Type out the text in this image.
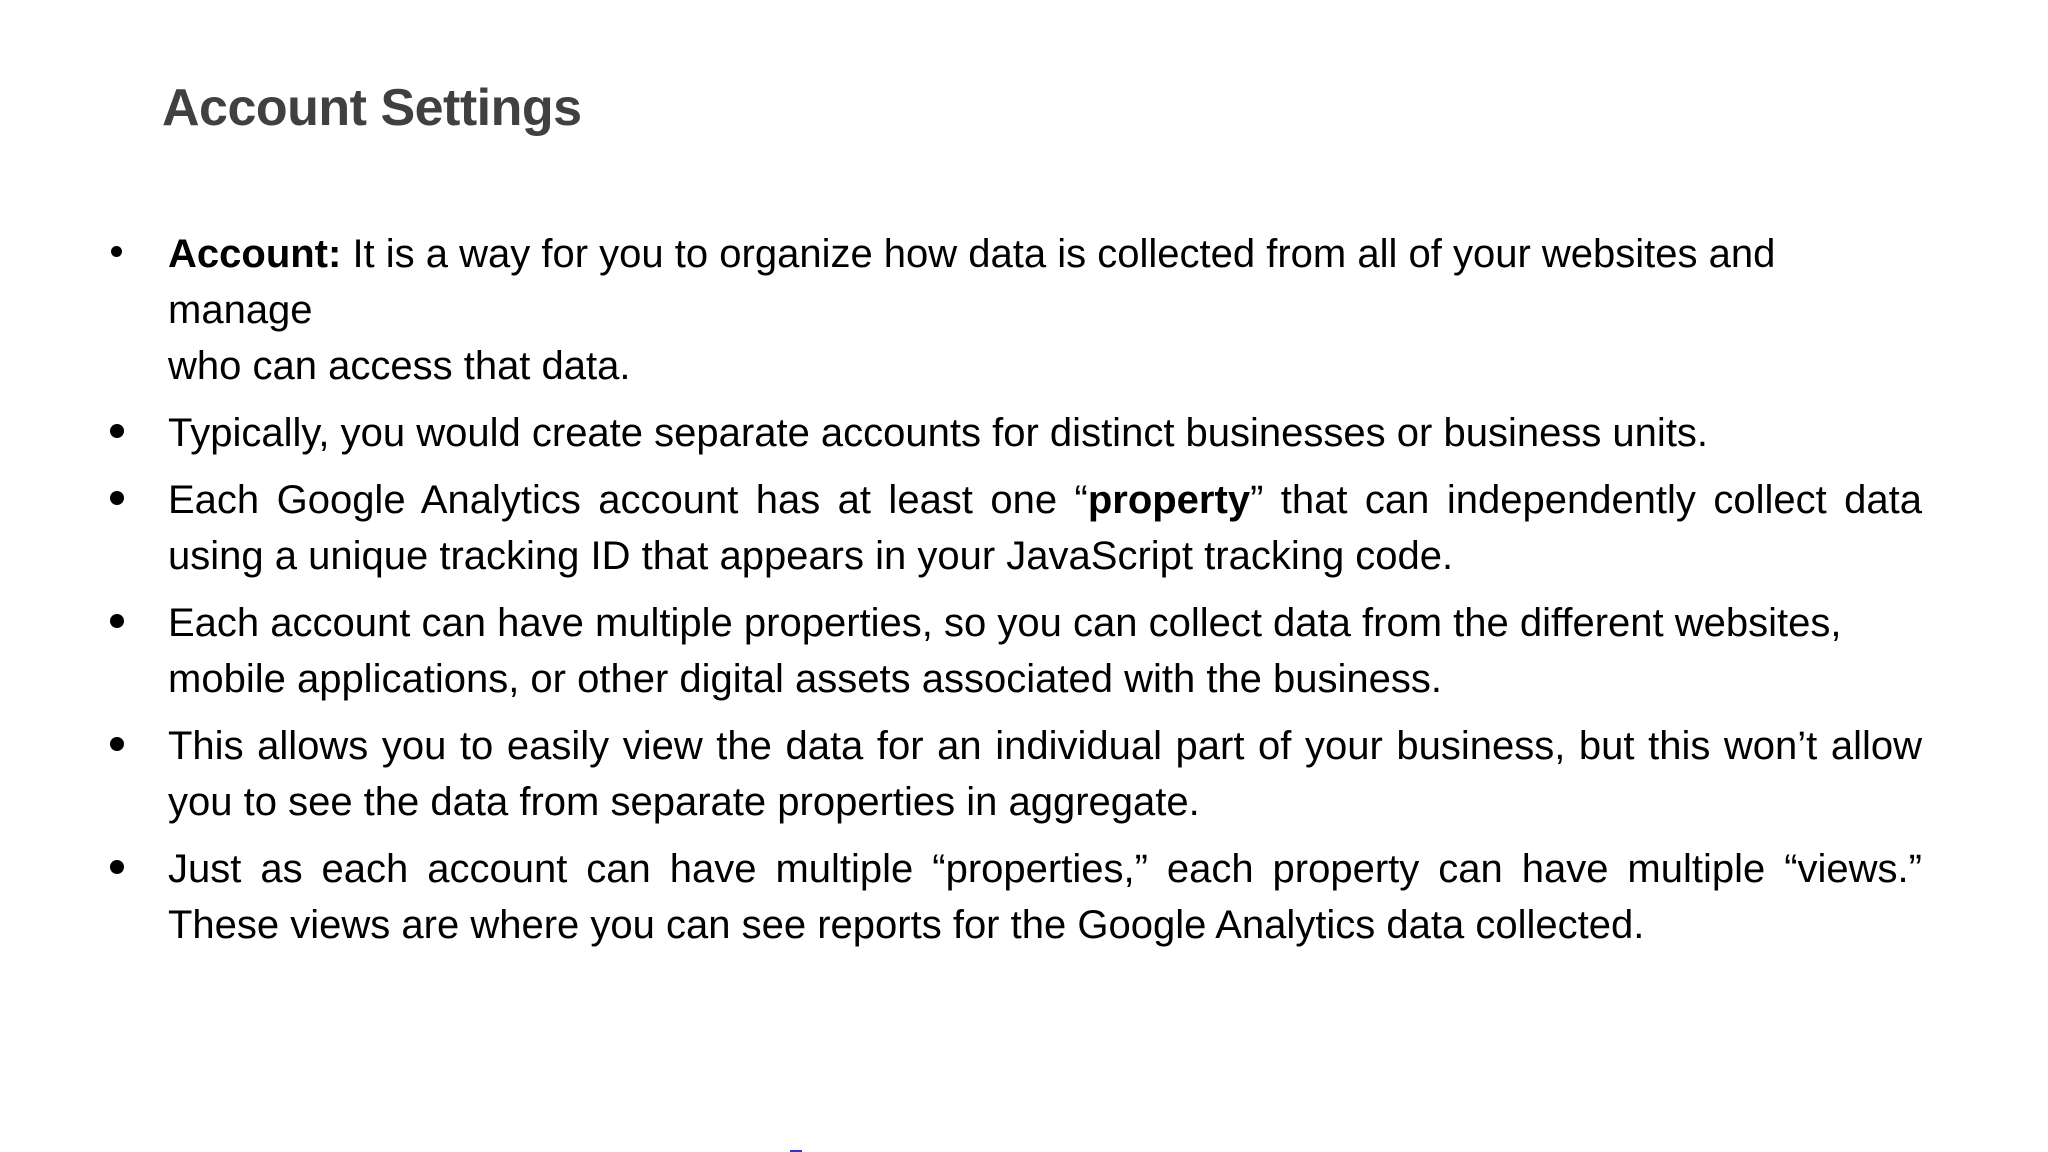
Account Settings
Account: It is a way for you to organize how data is collected from all of your websites and manage
who can access that data.
Typically, you would create separate accounts for distinct businesses or business units.
Each Google Analytics account has at least one “property” that can independently collect data using a unique tracking ID that appears in your JavaScript tracking code.
Each account can have multiple properties, so you can collect data from the different websites, mobile applications, or other digital assets associated with the business.
This allows you to easily view the data for an individual part of your business, but this won’t allow you to see the data from separate properties in aggregate.
Just as each account can have multiple “properties,” each property can have multiple “views.” These views are where you can see reports for the Google Analytics data collected.
